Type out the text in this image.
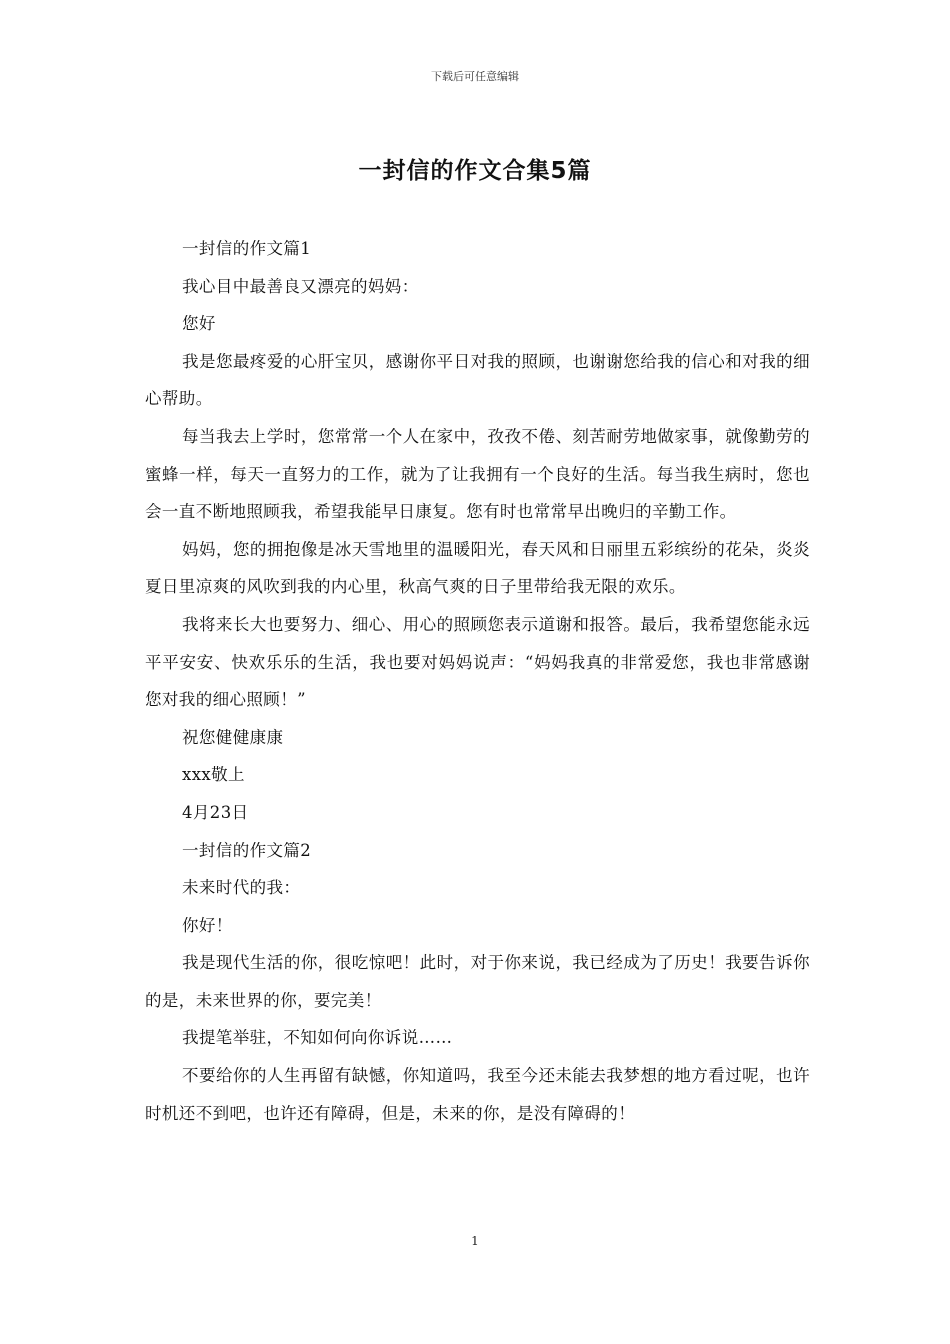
下载后可任意编辑
一封信的作文合集5篇

一封信的作文篇1

我心目中最善良又漂亮的妈妈：

您好

我是您最疼爱的心肝宝贝，感谢你平日对我的照顾，也谢谢您给我的信心和对我的细心帮助。

每当我去上学时，您常常一个人在家中，孜孜不倦、刻苦耐劳地做家事，就像勤劳的蜜蜂一样，每天一直努力的工作，就为了让我拥有一个良好的生活。每当我生病时，您也会一直不断地照顾我，希望我能早日康复。您有时也常常早出晚归的辛勤工作。

妈妈，您的拥抱像是冰天雪地里的温暖阳光，春天风和日丽里五彩缤纷的花朵，炎炎夏日里凉爽的风吹到我的内心里，秋高气爽的日子里带给我无限的欢乐。

我将来长大也要努力、细心、用心的照顾您表示道谢和报答。最后，我希望您能永远平平安安、快欢乐乐的生活，我也要对妈妈说声：“妈妈我真的非常爱您，我也非常感谢您对我的细心照顾！”

祝您健健康康

xxx敬上

4月23日

一封信的作文篇2

未来时代的我：

你好！

我是现代生活的你，很吃惊吧！此时，对于你来说，我已经成为了历史！我要告诉你的是，未来世界的你，要完美！

我提笔举驻，不知如何向你诉说……

不要给你的人生再留有缺憾，你知道吗，我至今还未能去我梦想的地方看过呢，也许时机还不到吧，也许还有障碍，但是，未来的你，是没有障碍的！

1
